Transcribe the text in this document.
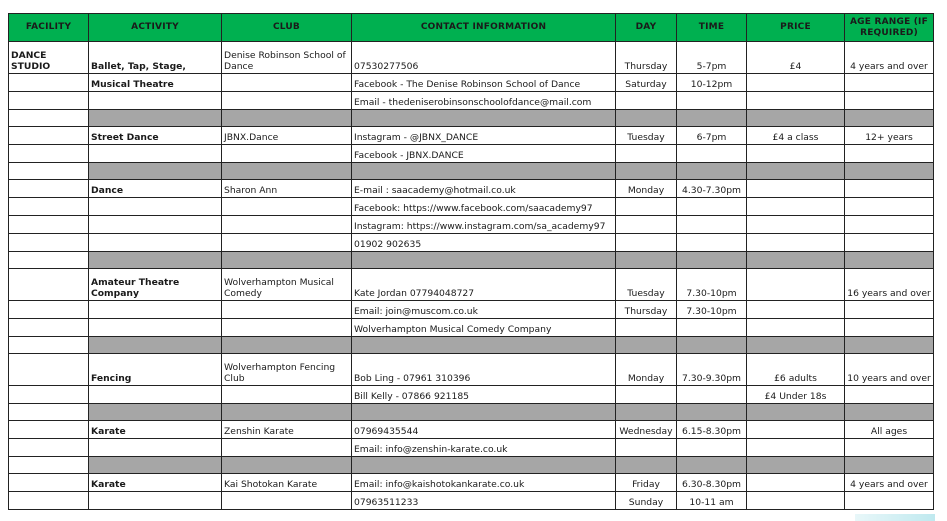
FACILITY	ACTIVITY	CLUB	CONTACT INFORMATION	DAY	TIME	PRICE	AGE RANGE (IF REQUIRED)
DANCE STUDIO	Ballet, Tap, Stage,	Denise Robinson School of Dance	07530277506	Thursday	5-7pm	£4	4 years and over
	Musical Theatre		Facebook - The Denise Robinson School of Dance	Saturday	10-12pm		
			Email - thedeniserobinsonschoolofdance@mail.com				

	Street Dance	JBNX.Dance	Instagram - @JBNX_DANCE	Tuesday	6-7pm	£4 a class	12+ years
			Facebook - JBNX.DANCE				

	Dance	Sharon Ann	E-mail : saacademy@hotmail.co.uk	Monday	4.30-7.30pm		
			Facebook: https://www.facebook.com/saacademy97				
			Instagram: https://www.instagram.com/sa_academy97				
			01902 902635				

	Amateur Theatre Company	Wolverhampton Musical Comedy	Kate Jordan 07794048727	Tuesday	7.30-10pm		16 years and over
			Email: join@muscom.co.uk	Thursday	7.30-10pm		
			Wolverhampton Musical Comedy Company				

	Fencing	Wolverhampton Fencing Club	Bob Ling - 07961 310396	Monday	7.30-9.30pm	£6 adults	10 years and over
			Bill Kelly - 07866 921185			£4 Under 18s	

	Karate	Zenshin Karate	07969435544	Wednesday	6.15-8.30pm		All ages
			Email: info@zenshin-karate.co.uk				

	Karate	Kai Shotokan Karate	Email: info@kaishotokankarate.co.uk	Friday	6.30-8.30pm		4 years and over
			07963511233	Sunday	10-11 am		
